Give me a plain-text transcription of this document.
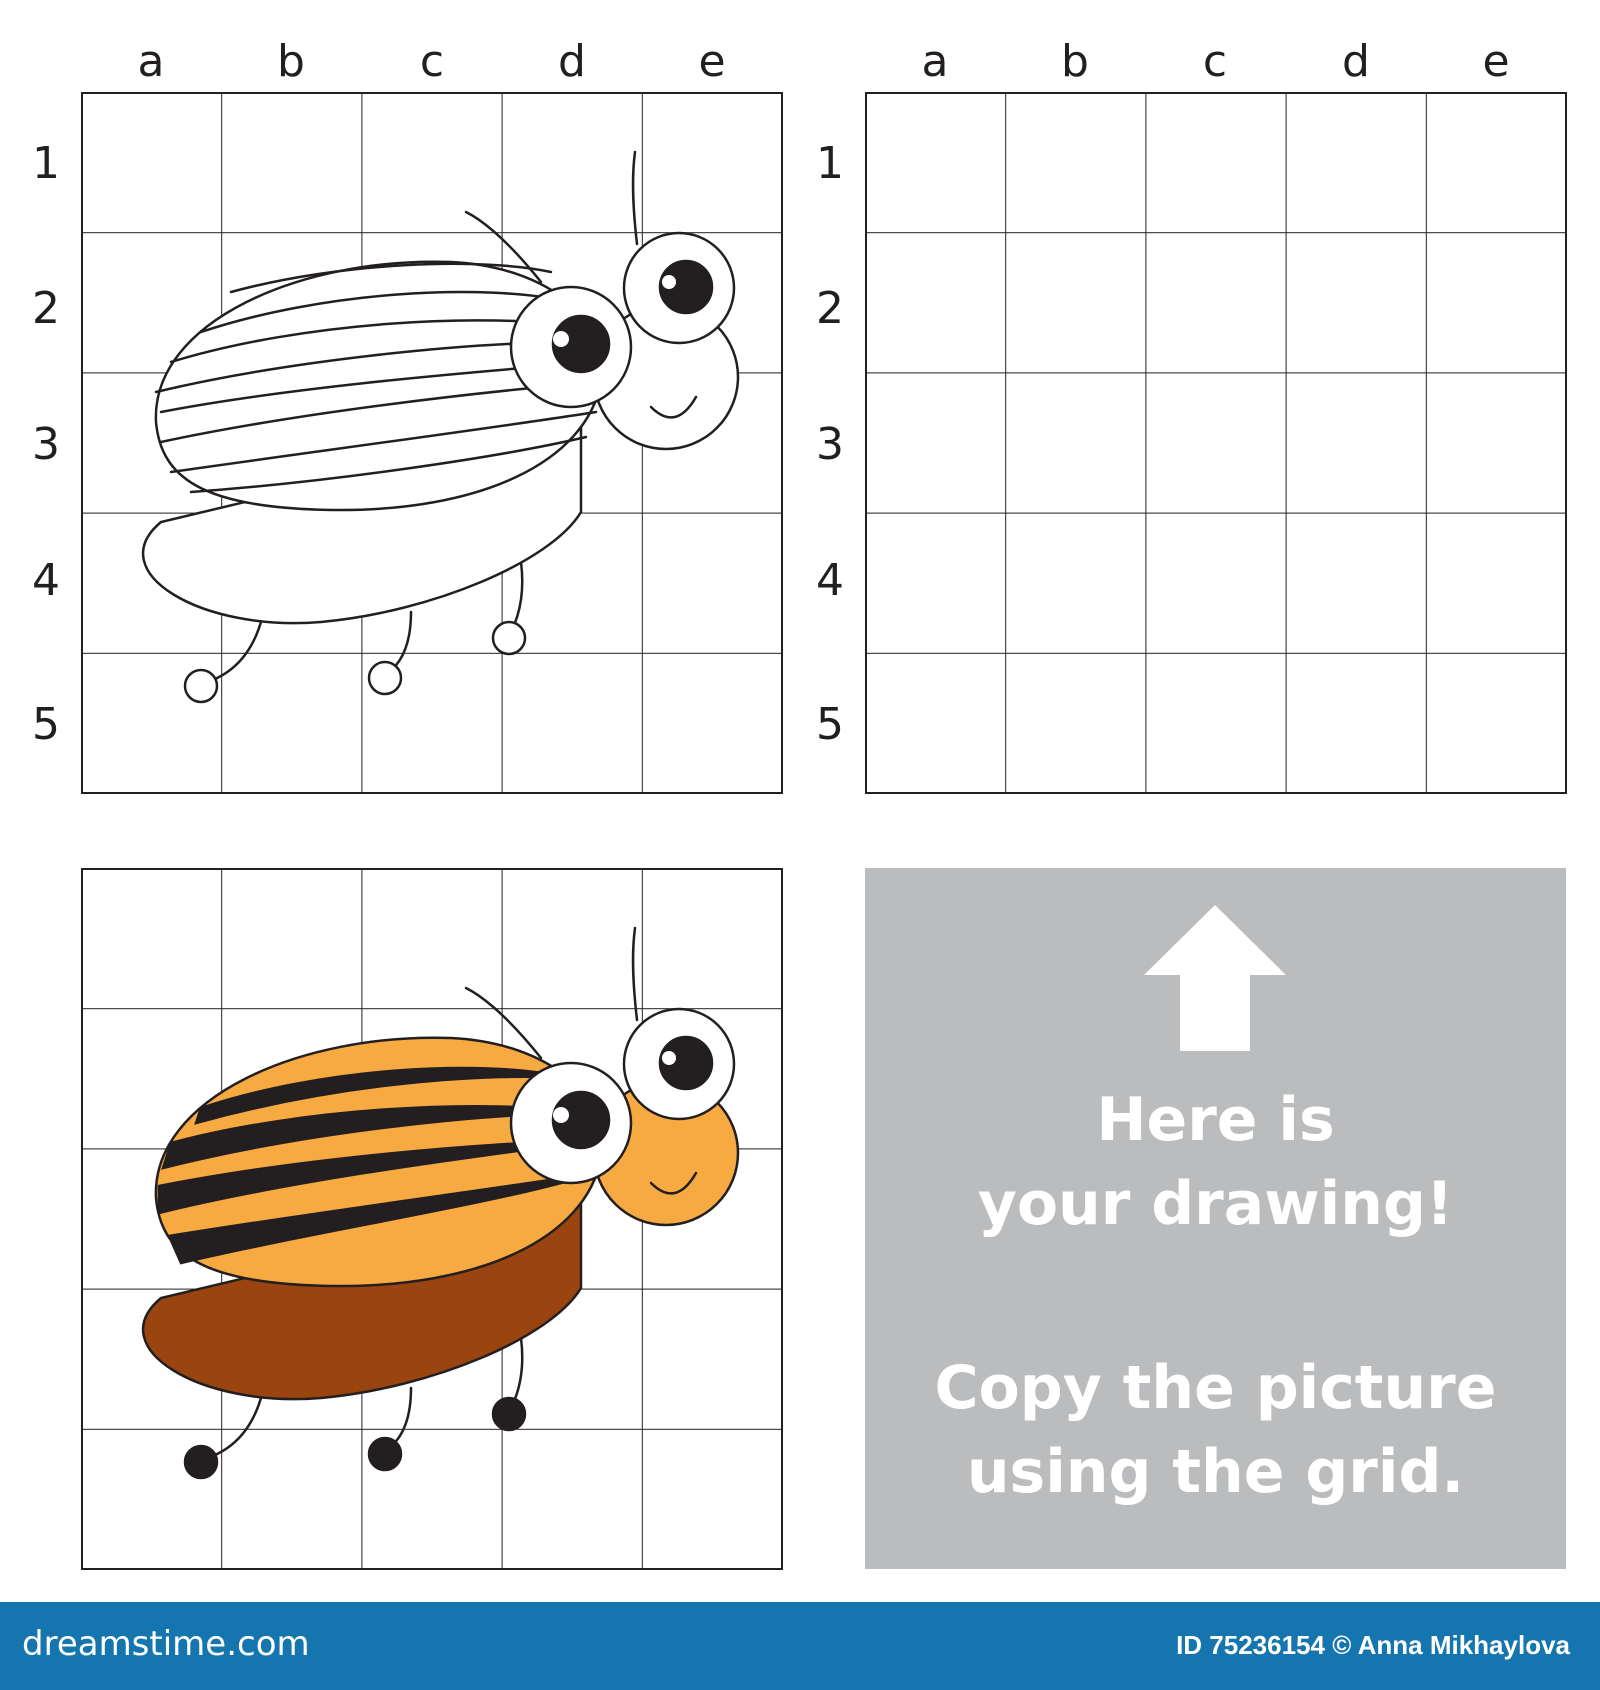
a	b	c	d	e
1
2
3
4
5
a	b	c	d	e
1
2
3
4
5
Here is
your drawing!
Copy the picture
using the grid.
dreamstime.com	ID 75236154 © Anna Mikhaylova
